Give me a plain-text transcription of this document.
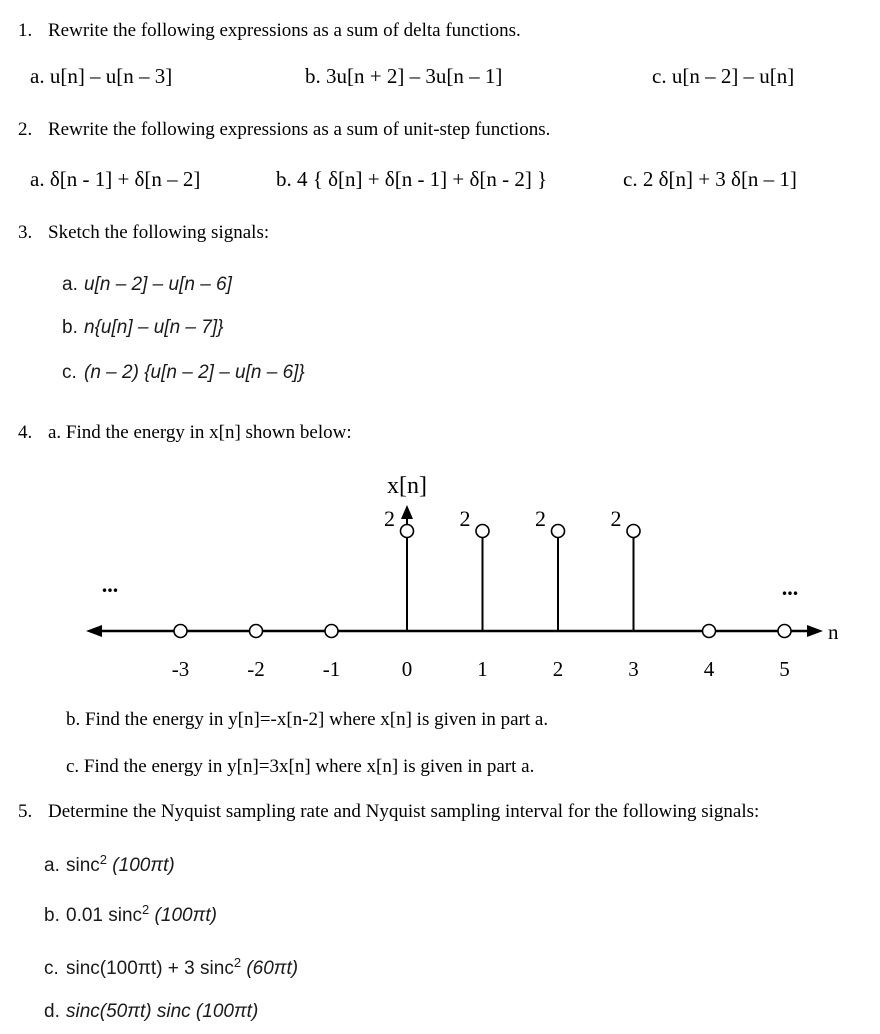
1. Rewrite the following expressions as a sum of delta functions.
a. u[n] – u[n – 3]	b. 3u[n + 2] – 3u[n – 1]	c. u[n – 2] – u[n]
2. Rewrite the following expressions as a sum of unit-step functions.
a. δ[n - 1] + δ[n – 2]	b. 4 { δ[n] + δ[n - 1] + δ[n - 2] }	c. 2 δ[n] + 3 δ[n – 1]
3. Sketch the following signals:
a. u[n – 2] – u[n – 6]
b. n{u[n] – u[n – 7]}
c. (n – 2) {u[n – 2] – u[n – 6]}
4. a. Find the energy in x[n] shown below:
x[n]
n
...	...
-3	-2	-1
2
0
2
1
2
2
2
3	4	5
b. Find the energy in y[n]=-x[n-2] where x[n] is given in part a.
c. Find the energy in y[n]=3x[n] where x[n] is given in part a.
5. Determine the Nyquist sampling rate and Nyquist sampling interval for the following signals:
a. sinc$^2$ (100πt)
b. 0.01 sinc$^2$ (100πt)
c. sinc(100πt) + 3 sinc$^2$ (60πt)
d. sinc(50πt) sinc (100πt)
